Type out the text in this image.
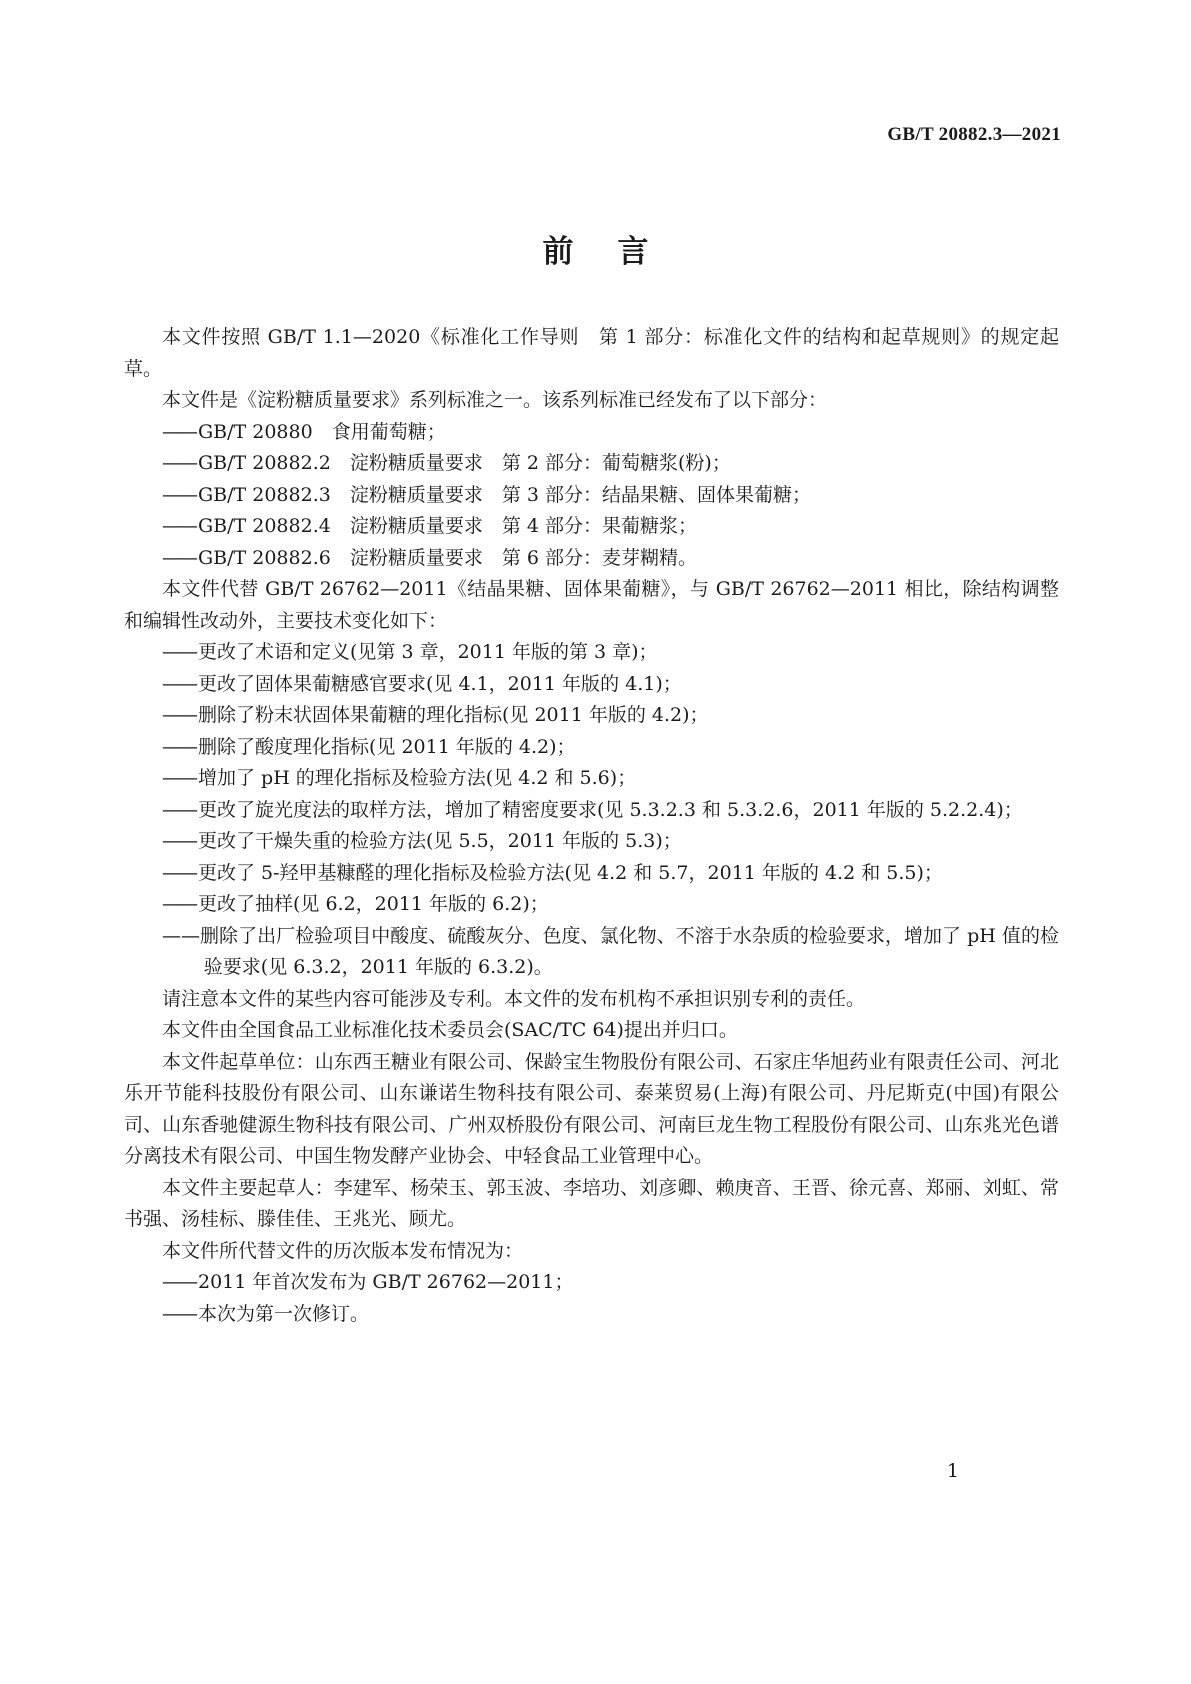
GB/T 20882.3—2021
前言

本文件按照 GB/T 1.1—2020《标准化工作导则　第 1 部分：标准化文件的结构和起草规则》的规定起草。

本文件是《淀粉糖质量要求》系列标准之一。该系列标准已经发布了以下部分：

—— GB/T 20880　食用葡萄糖；

—— GB/T 20882.2　淀粉糖质量要求　第 2 部分：葡萄糖浆(粉)；

—— GB/T 20882.3　淀粉糖质量要求　第 3 部分：结晶果糖、固体果葡糖；

—— GB/T 20882.4　淀粉糖质量要求　第 4 部分：果葡糖浆；

—— GB/T 20882.6　淀粉糖质量要求　第 6 部分：麦芽糊精。

本文件代替 GB/T 26762—2011《结晶果糖、固体果葡糖》，与 GB/T 26762—2011 相比，除结构调整和编辑性改动外，主要技术变化如下：

—— 更改了术语和定义(见第 3 章，2011 年版的第 3 章)；

—— 更改了固体果葡糖感官要求(见 4.1，2011 年版的 4.1)；

—— 删除了粉末状固体果葡糖的理化指标(见 2011 年版的 4.2)；

—— 删除了酸度理化指标(见 2011 年版的 4.2)；

—— 增加了 pH 的理化指标及检验方法(见 4.2 和 5.6)；

—— 更改了旋光度法的取样方法，增加了精密度要求(见 5.3.2.3 和 5.3.2.6，2011 年版的 5.2.2.4)；

—— 更改了干燥失重的检验方法(见 5.5，2011 年版的 5.3)；

—— 更改了 5-羟甲基糠醛的理化指标及检验方法(见 4.2 和 5.7，2011 年版的 4.2 和 5.5)；

—— 更改了抽样(见 6.2，2011 年版的 6.2)；

——删除了出厂检验项目中酸度、硫酸灰分、色度、氯化物、不溶于水杂质的检验要求，增加了 pH 值的检验要求(见 6.3.2，2011 年版的 6.3.2)。

请注意本文件的某些内容可能涉及专利。本文件的发布机构不承担识别专利的责任。

本文件由全国食品工业标准化技术委员会(SAC/TC 64)提出并归口。

本文件起草单位：山东西王糖业有限公司、保龄宝生物股份有限公司、石家庄华旭药业有限责任公司、河北乐开节能科技股份有限公司、山东谦诺生物科技有限公司、泰莱贸易(上海)有限公司、丹尼斯克(中国)有限公司、山东香驰健源生物科技有限公司、广州双桥股份有限公司、河南巨龙生物工程股份有限公司、山东兆光色谱分离技术有限公司、中国生物发酵产业协会、中轻食品工业管理中心。

本文件主要起草人：李建军、杨荣玉、郭玉波、李培功、刘彦卿、赖庚音、王晋、徐元喜、郑丽、刘虹、常书强、汤桂标、滕佳佳、王兆光、顾尤。

本文件所代替文件的历次版本发布情况为：

—— 2011 年首次发布为 GB/T 26762—2011；

—— 本次为第一次修订。

1
